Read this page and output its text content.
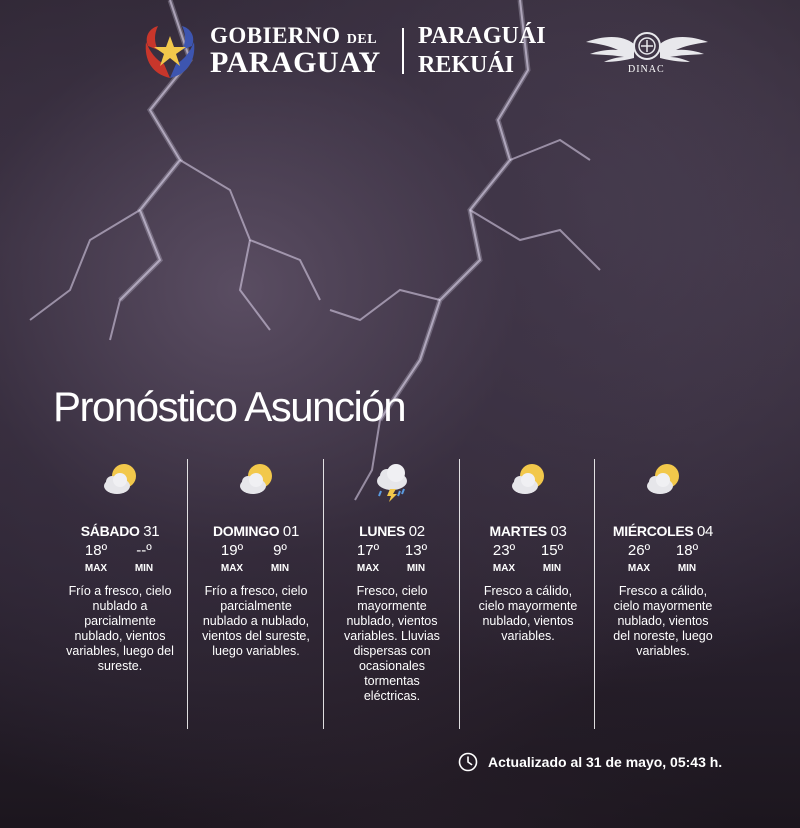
GOBIERNO DEL
PARAGUAY
PARAGUÁI
REKUÁI	DINAC
Pronóstico Asunción
SÁBADO 31
18º	--º
MAX	MIN
Frío a fresco, cielo nublado a parcialmente nublado, vientos variables, luego del sureste.
DOMINGO 01
19º	9º
MAX	MIN
Frío a fresco, cielo parcialmente nublado a nublado, vientos del sureste, luego variables.
LUNES 02
17º 13º
MAX	MIN
Fresco, cielo mayormente nublado, vientos variables. Lluvias dispersas con ocasionales tormentas eléctricas.
MARTES 03
23º 15º
MAX	MIN
Fresco a cálido, cielo mayormente nublado, vientos variables.
MIÉRCOLES 04
26º 18º
MAX	MIN
Fresco a cálido, cielo mayormente nublado, vientos del noreste, luego variables.
Actualizado al 31 de mayo, 05:43 h.
